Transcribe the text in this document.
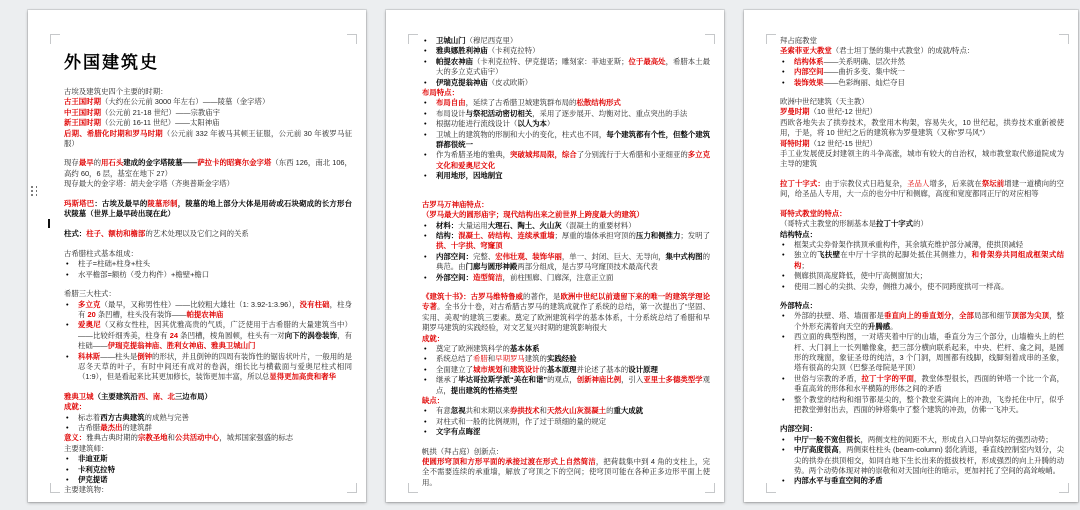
外国建筑史
古埃及建筑史四个主要的时期：
古王国时期（大约在公元前 3000 年左右）——陵墓（金字塔）
中王国时期（公元前 21-18 世纪）——宗教庙宇
新王国时期（公元前 16-11 世纪）——太阳神庙
后期、希腊化时期和罗马时期（公元前 332 年被马其顿王征服，公元前 30 年被罗马征服）
现存最早的用石头建成的金字塔陵墓——萨拉卡的昭赛尔金字塔（东西 126，南北 106，高约 60，6 层，基室在地下 27）
现存最大的金字塔：胡夫金字塔（齐奥普斯金字塔）
玛斯塔巴：古埃及最早的陵墓形制，陵墓的地上部分大体是用砖或石块砌成的长方形台状陵墓（世界上最早砖出现在此）
柱式：柱子、额枋和檐部的艺术处理以及它们之间的关系
古希腊柱式基本组成：
• 柱子=柱础+柱身+柱头
• 水平檐部=额枋（受力构件）+檐壁+檐口
希腊三大柱式：
• 多立克（最早，又称男性柱）——比较粗大雄壮（1: 3.92-1:3.96），没有柱础，柱身有 20 条凹槽，柱头没有装饰——帕提农神庙
• 爱奥尼（又称女性柱，因其优雅高贵的气质，广泛使用于古希腊的大量建筑当中）——比较纤细秀美，柱身有 24 条凹槽，棱角圆顿，柱头有一对向下的涡卷装饰，有柱础——伊瑞克提翁神庙、胜利女神庙、雅典卫城山门
• 科林斯——柱头是倒钟的形状，并且倒钟的四周有装饰性的锯齿状叶片，一般用的是忍冬天草的叶子，有时中间还有成对的卷涡，细长比与横截面与爱奥尼柱式相同（1:9），但是看起来比其更加修长，装饰更加丰富，所以总显得更加高贵和奢华
雅典卫城（主要建筑沿西、南、北三边布局）
成就：
• 标志着西方古典建筑的成熟与完善
• 古希腊最杰出的建筑群
意义：雅典古典时期的宗教圣地和公共活动中心，城邦国家强盛的标志
主要建筑师：
• 非迪亚斯
• 卡利克拉特
• 伊克提诺
主要建筑物：
• 卫城山门（穆尼西克里）
• 雅典娜胜利神庙（卡利克拉特）
• 帕提农神庙（卡利克拉特、伊克提诺；雕刻家：菲迪亚斯；位于最高处，希腊本土最大的多立克式庙宇）
• 伊瑞克提翁神庙（皮忒欧斯）
布局特点：
• 布局自由，延续了古希腊卫城建筑群布局的松散结构形式
• 布局设计与祭祀活动密切相关，采用了逐步展开、均衡对比、重点突出的手法
• 根据功能进行流线设计（以人为本）
• 卫城上的建筑物的形制和大小的变化，柱式也不同，每个建筑都有个性，但整个建筑群都很统一
• 作为希腊圣地的雅典，突破城邦局限，综合了分别流行于大希腊和小亚细亚的多立克文化和爱奥尼文化
• 利用地形，因地制宜
古罗马万神庙特点：
（罗马最大的圆形庙宇；现代结构出来之前世界上跨度最大的建筑）
• 材料：大量运用大理石、陶土、火山灰（混凝土的重要材料）
• 结构：混凝土、砖结构、连续承重墙；厚重的墙体承担穹顶的压力和侧推力；发明了拱、十字拱、穹窿顶
• 内部空间：完整、宏伟壮观、装饰华丽，单一、封闭、巨大、无导向，集中式构图的典范。由门廊与圆形神殿两部分组成，是古罗马穹窿顶技术最高代表
• 外部空间：造型简洁，前柱围廊、门廊深，注意正立面
《建筑十书》：古罗马维特鲁威的著作，是欧洲中世纪以前遗留下来的唯一的建筑学理论专著。全书分十卷，对古希腊古罗马的建筑成就作了系统的总结，第一次提出了“坚固、实用、美观”的建筑三要素。奠定了欧洲建筑科学的基本体系，十分系统总结了希腊和早期罗马建筑的实践经验，对文艺复兴时期的建筑影响很大
成就：
• 奠定了欧洲建筑科学的基本体系
• 系统总结了希腊和早期罗马建筑的实践经验
• 全面建立了城市规划和建筑设计的基本原理并论述了基本的设计原理
• 继承了毕达哥拉斯学派“美在和谐”的观点，创新神庙比例，引入亚里士多德类型学观点，提出建筑的性格类型
缺点：
• 有意忽视共和末期以来券拱技术和天然火山灰混凝土的重大成就
• 对柱式和一般的比例规则，作了过于琐细的量的规定
• 文字有点晦涩
帆拱（拜占庭）创新点：
使圆形穹顶和方形平面的承接过渡在形式上自然简洁，把荷载集中到 4 角的支柱上，完全不需要连续的承重墙，解放了穹顶之下的空间；使穹顶可能在各种正多边形平面上使用。
拜占庭教堂
圣索菲亚大教堂（君士坦丁堡的集中式教堂）的成就/特点：
• 结构体系——关系明确、层次井然
• 内部空间——曲折多变、集中统一
• 装饰效果——色彩绚丽、灿烂夺目
欧洲中世纪建筑（天主教）
罗曼时期（10 世纪-12 世纪）
西欧各地失去了拱券技术，教堂用木构架，容易失火，10 世纪起，拱券技术重新被使用，于是，将 10 世纪之后的建筑称为罗曼建筑（又称“罗马风”）
哥特时期（12 世纪-15 世纪）
手工业发展使反封建领主的斗争高涨，城市有较大的自治权，城市教堂取代修道院成为主导的建筑
拉丁十字式：由于宗教仪式日趋复杂，圣品人增多，后来就在祭坛前增建一道横向的空间，给圣品人专用，大一点的也分中厅和侧廊，高度和宽度都同正厅的对应相等
哥特式教堂的特点：
（哥特式主教堂的形制基本是拉丁十字式的）
结构特点：
• 框架式尖券骨架作拱顶承重构件，其余填充维护部分减薄，使拱顶减轻
• 独立的飞扶壁在中厅十字拱的起脚处抵住其侧推力，和骨架券共同组成框架式结构；
• 侧廊拱顶高度降低，使中厅高侧窗加大；
• 使用二圆心的尖拱、尖券，侧推力减小，使不同跨度拱可一样高。
外部特点：
• 外部的扶壁、塔、墙面都是垂直向上的垂直划分，全部局部和细节顶部为尖顶，整个外形充满着向天空的升腾感。
• 西立面的典型构图，一对塔夹着中厅的山墙，垂直分为三个部分，山墙檐头上的栏杆、大门洞上一长列雕像龛，把三部分横向联系起来，中央、栏杆、龛之间，是圆形的玫瑰窗，象征圣母的纯洁，3 个门洞，周围都有线脚，线脚刻着成串的圣象，塔有很高的尖顶（巴黎圣母院是平顶）
• 世俗与宗教的矛盾，拉丁十字的平面，教堂体型很长，西面的钟塔一个比一个高，垂直高耸的形体和水平横陈的形体之间的矛盾
• 整个教堂的结构和细节都是尖的，整个教堂充满向上的冲劲，飞券托住中厅，似乎把教堂弹射出去，西面的钟塔集中了整个建筑的冲劲，仿佛一飞冲天。
内部空间：
• 中厅一般不宽但很长，两侧支柱的间距不大，形成自入口导向祭坛的强烈动势；
• 中厅高度很高，两侧束柱柱头 (beam-column) 弱化消退，垂直线控制室内划分，尖尖的拱券在拱顶相交，如同自地下生长出来的挺拔枝杆，形成强烈的向上升腾的动势。两个动势体现对神的崇敬和对天国向往的暗示，更加衬托了空间的高耸峻峭。
• 内部水平与垂直空间的矛盾
